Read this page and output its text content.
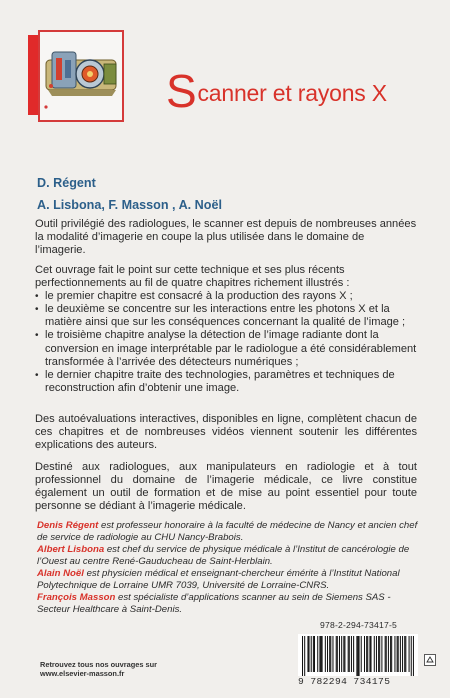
Scanner et rayons X
D. Régent
A. Lisbona, F. Masson , A. Noël
Outil privilégié des radiologues, le scanner est depuis de nombreuses années la modalité d’imagerie en coupe la plus utilisée dans le domaine de l’imagerie.
Cet ouvrage fait le point sur cette technique et ses plus récents perfectionnements au fil de quatre chapitres richement illustrés :
• le premier chapitre est consacré à la production des rayons X ;
• le deuxième se concentre sur les interactions entre les photons X et la matière ainsi que sur les conséquences concernant la qualité de l’image ;
• le troisième chapitre analyse la détection de l’image radiante dont la conversion en image interprétable par le radiologue a été considérablement transformée à l’arrivée des détecteurs numériques ;
• le dernier chapitre traite des technologies, paramètres et techniques de reconstruction afin d’obtenir une image.
Des autoévaluations interactives, disponibles en ligne, complètent chacun de ces chapitres et de nombreuses vidéos viennent soutenir les différentes explications des auteurs.
Destiné aux radiologues, aux manipulateurs en radiologie et à tout professionnel du domaine de l’imagerie médicale, ce livre constitue également un outil de formation et de mise au point essentiel pour toute personne se dédiant à l’imagerie médicale.
Denis Régent est professeur honoraire à la faculté de médecine de Nancy et ancien chef de service de radiologie au CHU Nancy-Brabois.
Albert Lisbona est chef du service de physique médicale à l’Institut de cancérologie de l’Ouest au centre René-Gauducheau de Saint-Herblain.
Alain Noël est physicien médical et enseignant-chercheur émérite à l’Institut National Polytechnique de Lorraine UMR 7039, Université de Lorraine-CNRS.
François Masson est spécialiste d’applications scanner au sein de Siemens SAS - Secteur Healthcare à Saint-Denis.
978-2-294-73417-5
9 782294 734175
Retrouvez tous nos ouvrages sur
www.elsevier-masson.fr
